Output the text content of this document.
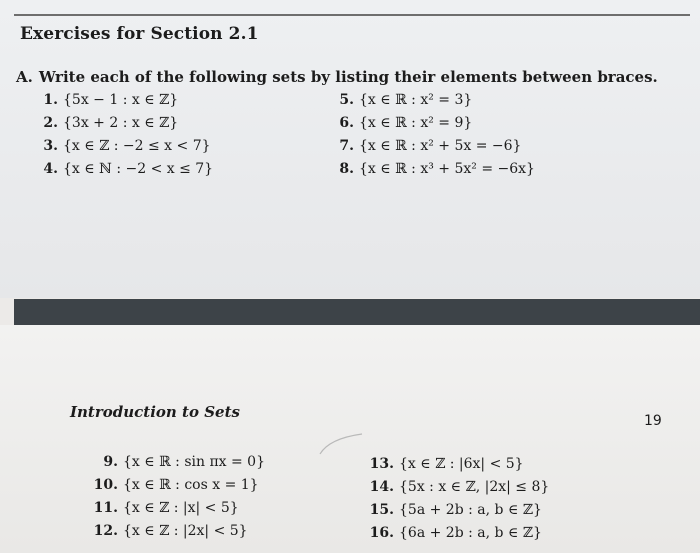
Exercises for Section 2.1
A. Write each of the following sets by listing their elements between braces.
1. {5x − 1 : x ∈ ℤ}
2. {3x + 2 : x ∈ ℤ}
3. {x ∈ ℤ : −2 ≤ x < 7}
4. {x ∈ ℕ : −2 < x ≤ 7}
5. {x ∈ ℝ : x² = 3}
6. {x ∈ ℝ : x² = 9}
7. {x ∈ ℝ : x² + 5x = −6}
8. {x ∈ ℝ : x³ + 5x² = −6x}
Introduction to Sets	19
9. {x ∈ ℝ : sin πx = 0}
10. {x ∈ ℝ : cos x = 1}
11. {x ∈ ℤ : |x| < 5}
12. {x ∈ ℤ : |2x| < 5}
13. {x ∈ ℤ : |6x| < 5}
14. {5x : x ∈ ℤ, |2x| ≤ 8}
15. {5a + 2b : a, b ∈ ℤ}
16. {6a + 2b : a, b ∈ ℤ}
